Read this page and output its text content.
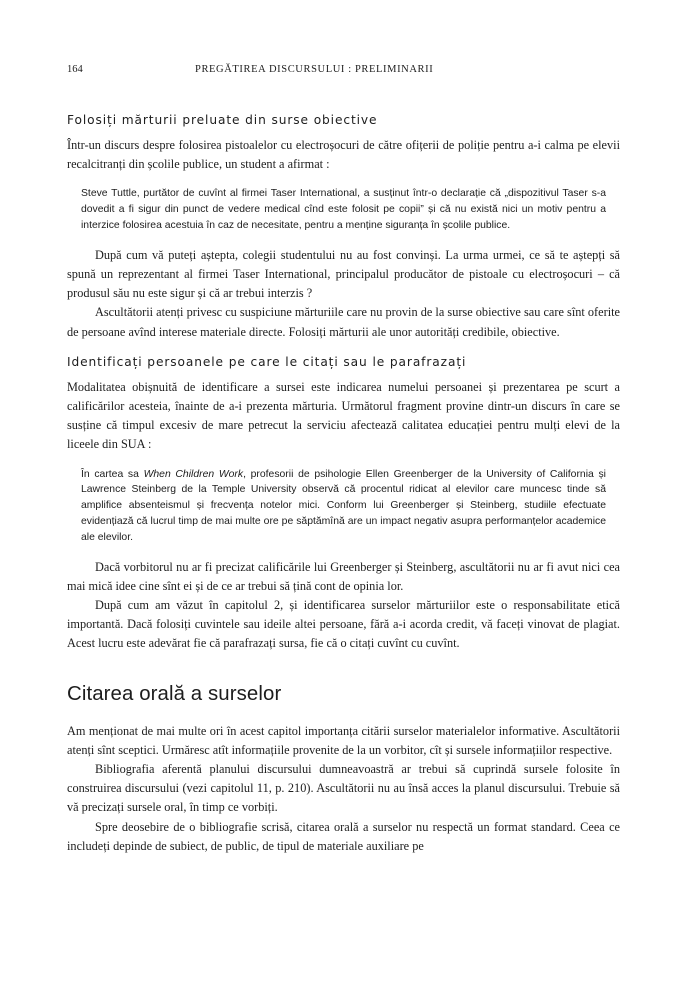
164	PREGĂTIREA DISCURSULUI : PRELIMINARII
Folosiți mărturii preluate din surse obiective

Într-un discurs despre folosirea pistoalelor cu electroșocuri de către ofițerii de poliție pentru a-i calma pe elevii recalcitranți din școlile publice, un student a afirmat :

Steve Tuttle, purtător de cuvînt al firmei Taser International, a susținut într-o declarație că „dispozitivul Taser s-a dovedit a fi sigur din punct de vedere medical cînd este folosit pe copii” și că nu există nici un motiv pentru a interzice folosirea acestuia în caz de necesitate, pentru a menține siguranța în școlile publice.

După cum vă puteți aștepta, colegii studentului nu au fost convinși. La urma urmei, ce să te aștepți să spună un reprezentant al firmei Taser International, principalul producător de pistoale cu electroșocuri – că produsul său nu este sigur și că ar trebui interzis ?

Ascultătorii atenți privesc cu suspiciune mărturiile care nu provin de la surse obiective sau care sînt oferite de persoane avînd interese materiale directe. Folosiți mărturii ale unor autorități credibile, obiective.

Identificați persoanele pe care le citați sau le parafrazați

Modalitatea obișnuită de identificare a sursei este indicarea numelui persoanei și prezentarea pe scurt a calificărilor acesteia, înainte de a-i prezenta mărturia. Următorul fragment provine dintr-un discurs în care se susține că timpul excesiv de mare petrecut la serviciu afectează calitatea educației pentru mulți elevi de la liceele din SUA :

În cartea sa When Children Work, profesorii de psihologie Ellen Greenberger de la University of California și Lawrence Steinberg de la Temple University observă că procentul ridicat al elevilor care muncesc tinde să amplifice absenteismul și frecvența notelor mici. Conform lui Greenberger și Steinberg, studiile efectuate evidențiază că lucrul timp de mai multe ore pe săptămînă are un impact negativ asupra performanțelor academice ale elevilor.

Dacă vorbitorul nu ar fi precizat calificările lui Greenberger și Steinberg, ascultătorii nu ar fi avut nici cea mai mică idee cine sînt ei și de ce ar trebui să țină cont de opinia lor.

După cum am văzut în capitolul 2, și identificarea surselor mărturiilor este o responsabilitate etică importantă. Dacă folosiți cuvintele sau ideile altei persoane, fără a-i acorda credit, vă faceți vinovat de plagiat. Acest lucru este adevărat fie că parafrazați sursa, fie că o citați cuvînt cu cuvînt.

Citarea orală a surselor

Am menționat de mai multe ori în acest capitol importanța citării surselor materialelor informative. Ascultătorii atenți sînt sceptici. Urmăresc atît informațiile provenite de la un vorbitor, cît și sursele informațiilor respective.

Bibliografia aferentă planului discursului dumneavoastră ar trebui să cuprindă sursele folosite în construirea discursului (vezi capitolul 11, p. 210). Ascultătorii nu au însă acces la planul discursului. Trebuie să vă precizați sursele oral, în timp ce vorbiți.

Spre deosebire de o bibliografie scrisă, citarea orală a surselor nu respectă un format standard. Ceea ce includeți depinde de subiect, de public, de tipul de materiale auxiliare pe
